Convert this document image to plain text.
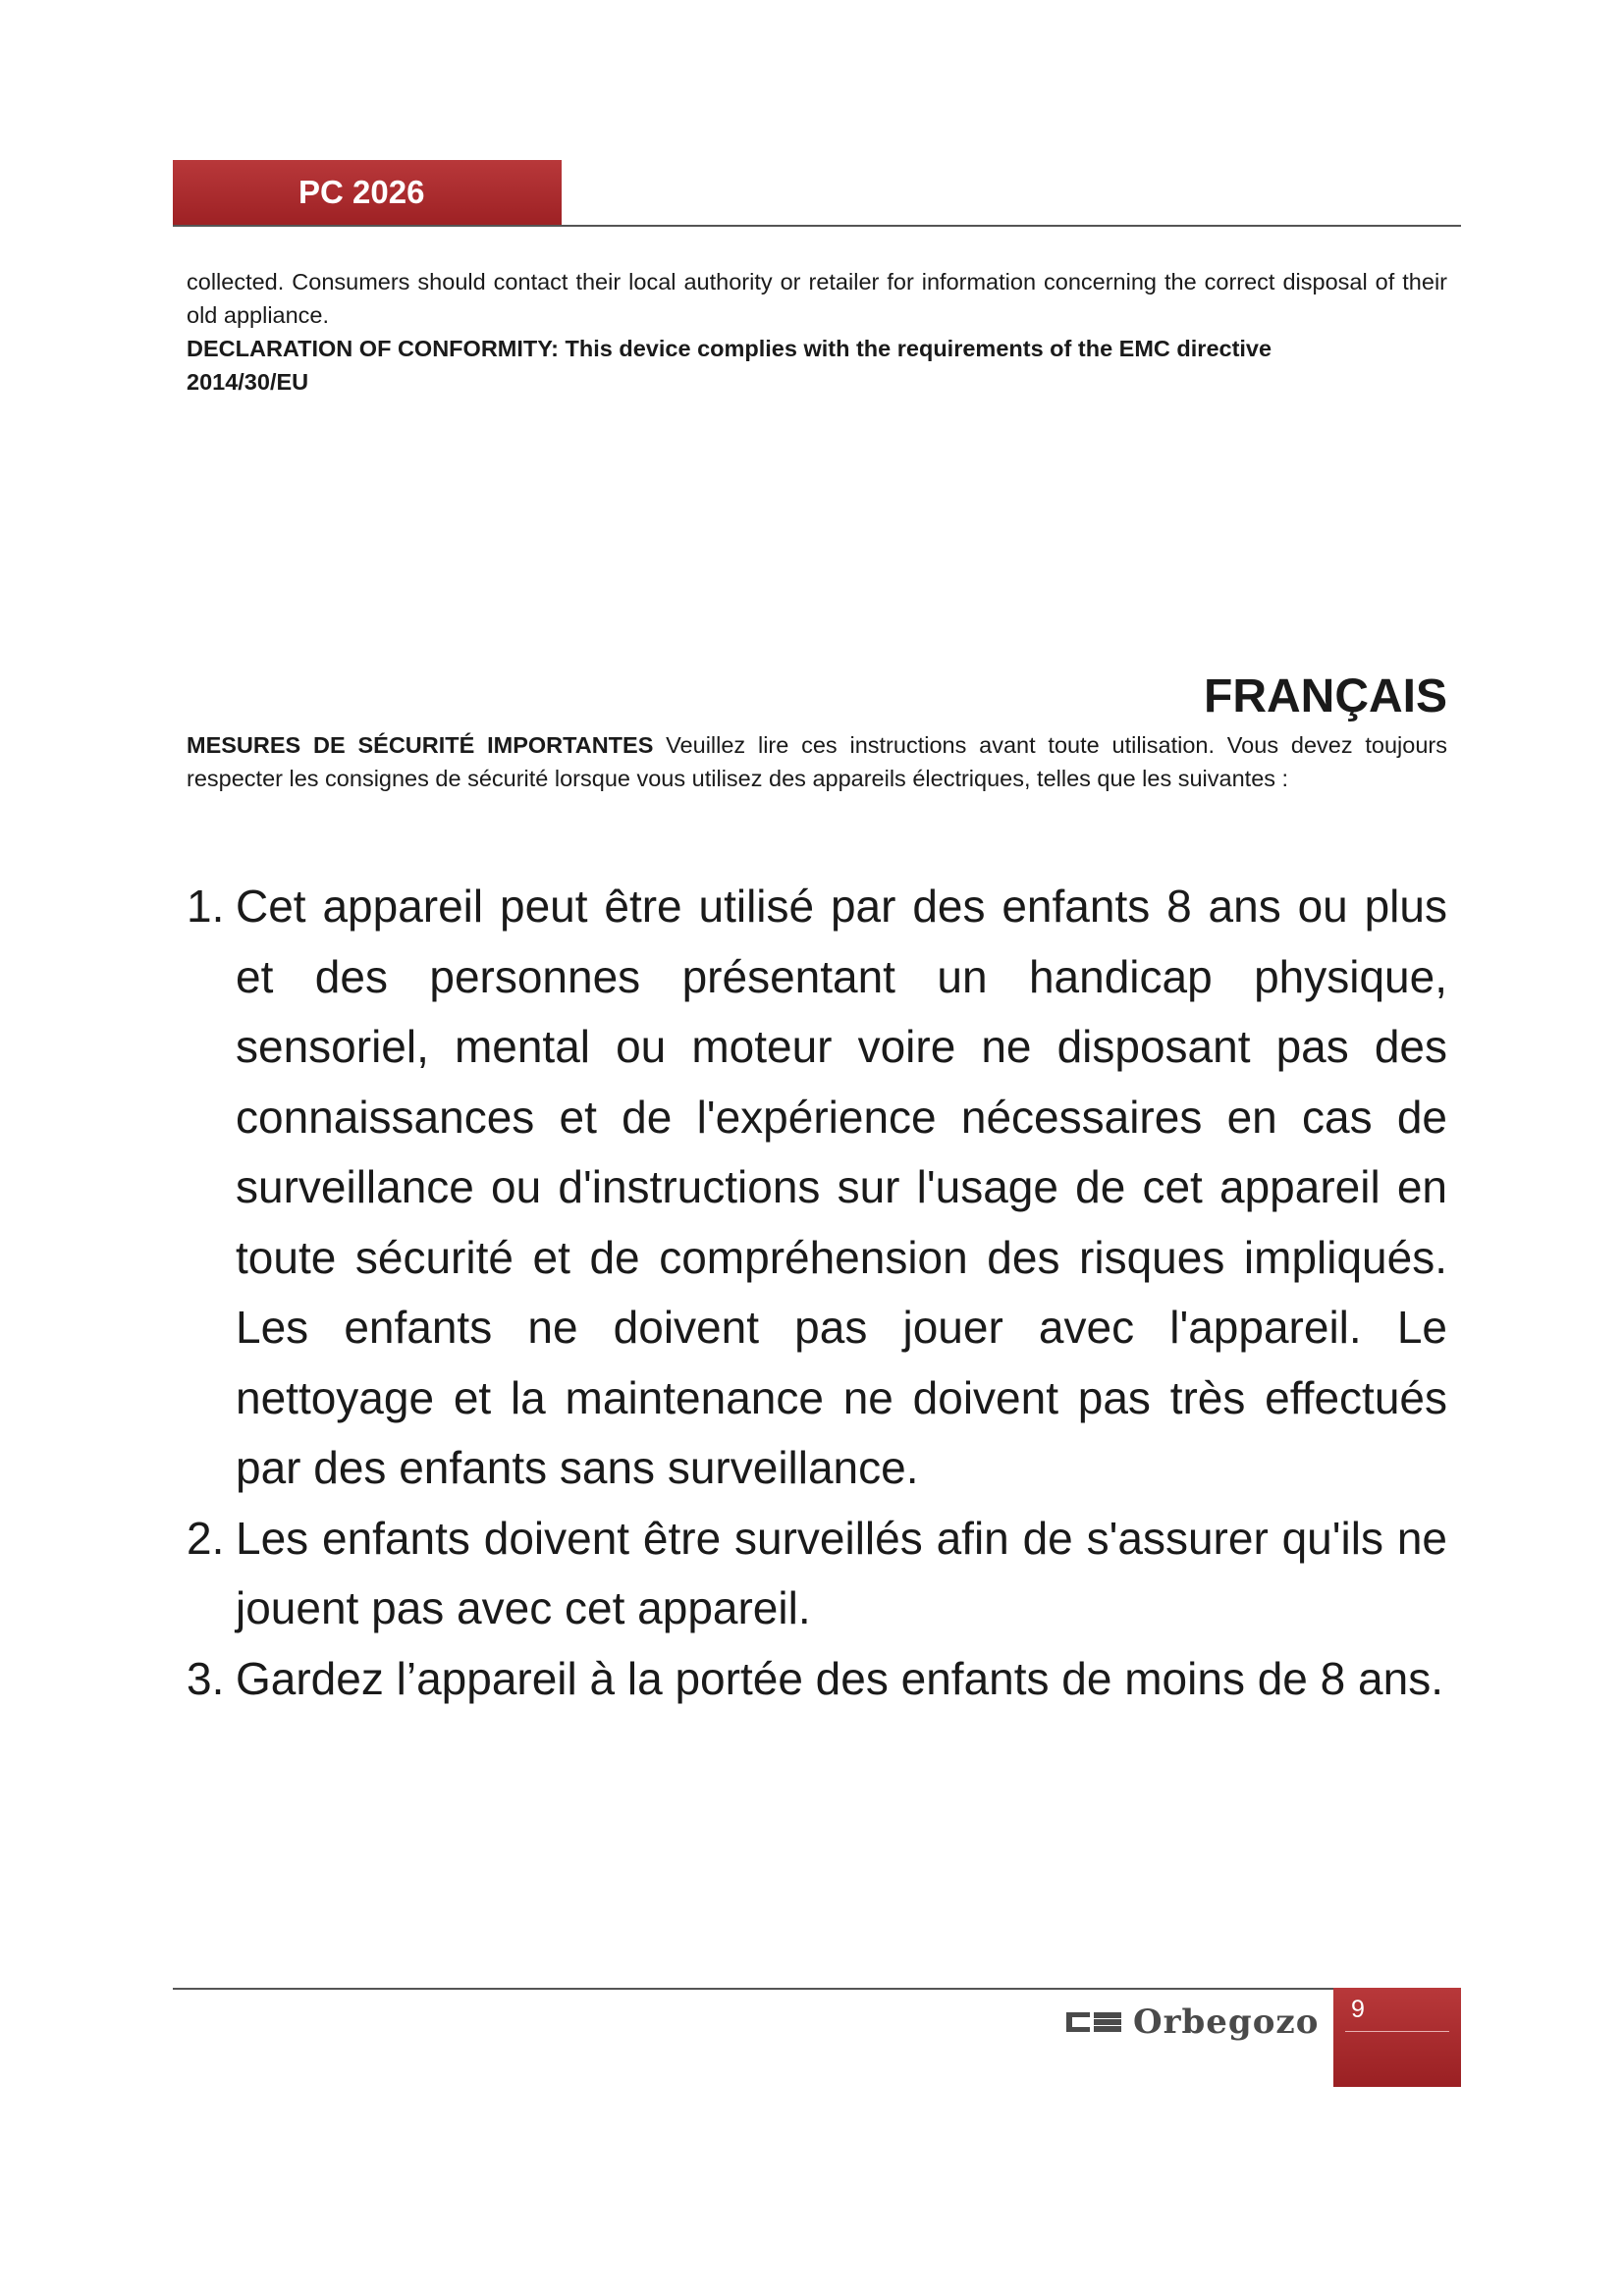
PC 2026

collected. Consumers should contact their local authority or retailer for information concerning the correct disposal of their old appliance.

DECLARATION OF CONFORMITY: This device complies with the requirements of the EMC directive 2014/30/EU

FRANÇAIS

MESURES DE SÉCURITÉ IMPORTANTES Veuillez lire ces instructions avant toute utilisation. Vous devez toujours respecter les consignes de sécurité lorsque vous utilisez des appareils électriques, telles que les suivantes :

1. Cet appareil peut être utilisé par des enfants 8 ans ou plus et des personnes présentant un handicap physique, sensoriel, mental ou moteur voire ne disposant pas des connaissances et de l'expérience nécessaires en cas de surveillance ou d'instructions sur l'usage de cet appareil en toute sécurité et de compréhension des risques impliqués. Les enfants ne doivent pas jouer avec l'appareil. Le nettoyage et la maintenance ne doivent pas très effectués par des enfants sans surveillance.
2. Les enfants doivent être surveillés afin de s'assurer qu'ils ne jouent pas avec cet appareil.
3. Gardez l’appareil à la portée des enfants de moins de 8 ans.
Orbegozo 9
